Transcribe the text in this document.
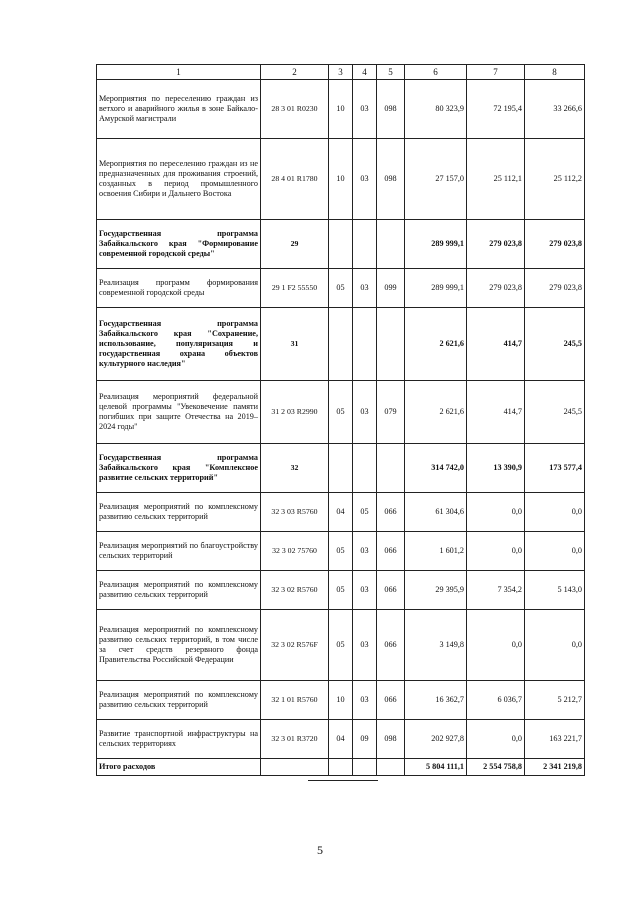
1	2	3	4	5	6	7	8
Мероприятия по переселению граждан из ветхого и аварийного жилья в зоне Байкало-Амурской магистрали	28 3 01 R0230	10	03	098	80 323,9	72 195,4	33 266,6
Мероприятия по переселению граждан из не предназначенных для проживания строений, созданных в период промышленного освоения Сибири и Дальнего Востока	28 4 01 R1780	10	03	098	27 157,0	25 112,1	25 112,2
Государственная программа Забайкальского края "Формирование современной городской среды"	29				289 999,1	279 023,8	279 023,8
Реализация программ формирования современной городской среды	29 1 F2 55550	05	03	099	289 999,1	279 023,8	279 023,8
Государственная программа Забайкальского края "Сохранение, использование, популяризация и государственная охрана объектов культурного наследия"	31				2 621,6	414,7	245,5
Реализация мероприятий федеральной целевой программы "Увековечение памяти погибших при защите Отечества на 2019–2024 годы"	31 2 03 R2990	05	03	079	2 621,6	414,7	245,5
Государственная программа Забайкальского края "Комплексное развитие сельских территорий"	32				314 742,0	13 390,9	173 577,4
Реализация мероприятий по комплексному развитию сельских территорий	32 3 03 R5760	04	05	066	61 304,6	0,0	0,0
Реализация мероприятий по благоустройству сельских территорий	32 3 02 75760	05	03	066	1 601,2	0,0	0,0
Реализация мероприятий по комплексному развитию сельских территорий	32 3 02 R5760	05	03	066	29 395,9	7 354,2	5 143,0
Реализация мероприятий по комплексному развитию сельских территорий, в том числе за счет средств резервного фонда Правительства Российской Федерации	32 3 02 R576F	05	03	066	3 149,8	0,0	0,0
Реализация мероприятий по комплексному развитию сельских территорий	32 1 01 R5760	10	03	066	16 362,7	6 036,7	5 212,7
Развитие транспортной инфраструктуры на сельских территориях	32 3 01 R3720	04	09	098	202 927,8	0,0	163 221,7
Итого расходов					5 804 111,1	2 554 758,8	2 341 219,8
5
